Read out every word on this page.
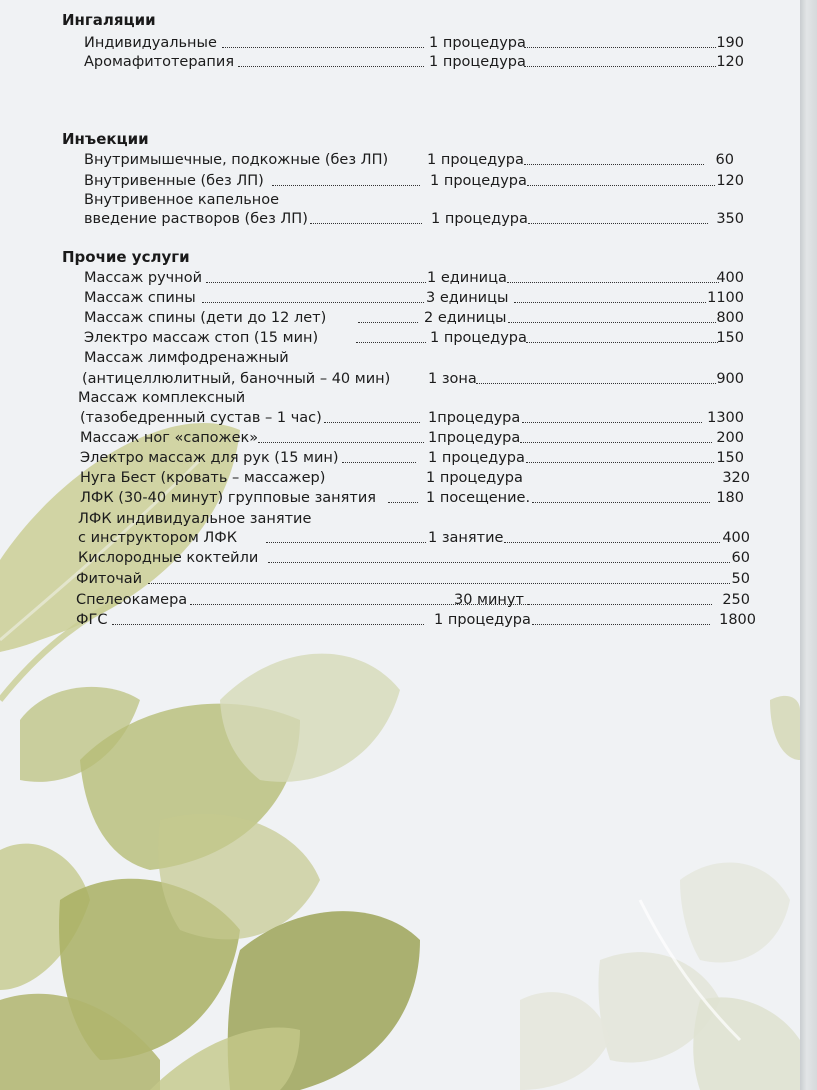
Ингаляции
Индивидуальные	1 процедура	190
Аромафитотерапия	1 процедура	120
Инъекции
Внутримышечные, подкожные (без ЛП)	1 процедура	60
Внутривенные (без ЛП)	1 процедура	120
Внутривенное капельное
введение растворов (без ЛП)	1 процедура	350
Прочие услуги
Массаж ручной	1 единица	400
Массаж спины	3 единицы	1100
Массаж спины (дети до 12 лет)	2 единицы	800
Электро массаж стоп (15 мин)	1 процедура	150
Массаж лимфодренажный
(антицеллюлитный, баночный – 40 мин)	1 зона	900
Массаж комплексный
(тазобедренный сустав – 1 час)	1процедура	1300
Массаж ног «сапожек»	1процедура	200
Электро массаж для рук (15 мин)	1 процедура	150
Нуга Бест (кровать – массажер)	1 процедура	320
ЛФК (30-40 минут) групповые занятия	1 посещение.	180
ЛФК индивидуальное занятие
с инструктором ЛФК	1 занятие	400
Кислородные коктейли	60
Фиточай	50
Спелеокамера	30 минут	250
ФГС	1 процедура	1800
